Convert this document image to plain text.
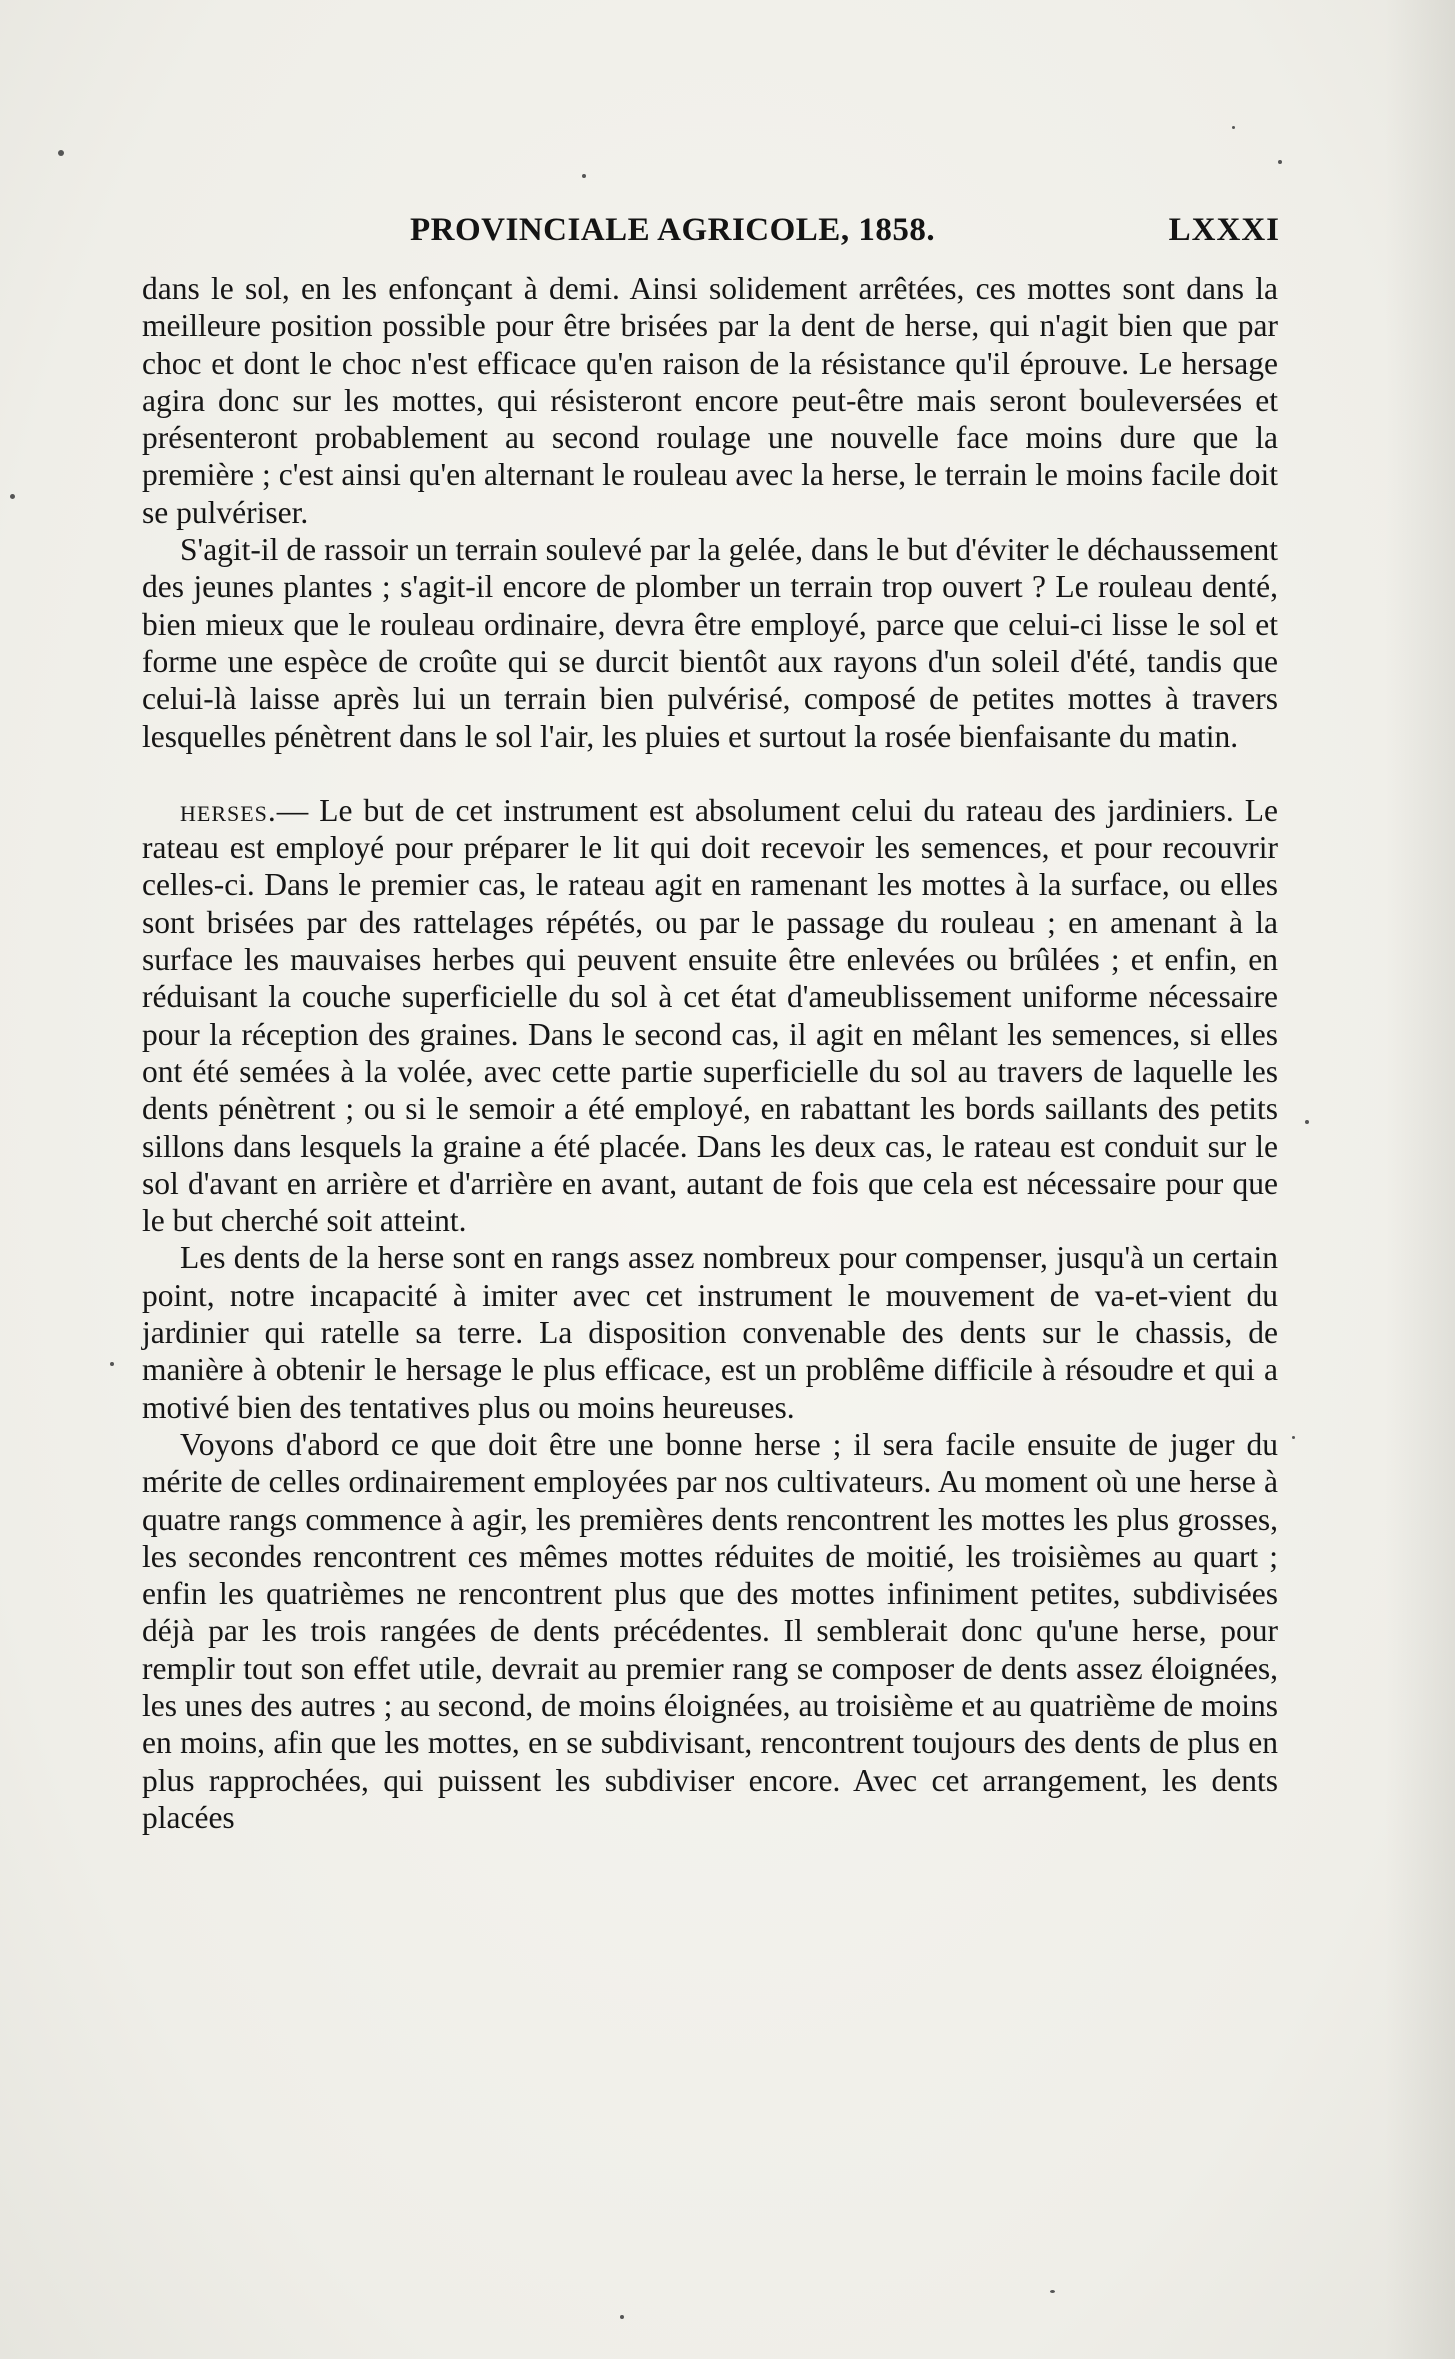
PROVINCIALE AGRICOLE, 1858.	LXXXI

dans le sol, en les enfonçant à demi. Ainsi solidement arrêtées, ces mottes sont dans la meilleure position possible pour être brisées par la dent de herse, qui n'agit bien que par choc et dont le choc n'est efficace qu'en raison de la résistance qu'il éprouve. Le hersage agira donc sur les mottes, qui résisteront encore peut-être mais seront bouleversées et présenteront probablement au second roulage une nouvelle face moins dure que la première ; c'est ainsi qu'en alternant le rouleau avec la herse, le terrain le moins facile doit se pulvériser.

S'agit-il de rassoir un terrain soulevé par la gelée, dans le but d'éviter le déchaussement des jeunes plantes ; s'agit-il encore de plomber un terrain trop ouvert ? Le rouleau denté, bien mieux que le rouleau ordinaire, devra être employé, parce que celui-ci lisse le sol et forme une espèce de croûte qui se durcit bientôt aux rayons d'un soleil d'été, tandis que celui-là laisse après lui un terrain bien pulvérisé, composé de petites mottes à travers lesquelles pénètrent dans le sol l'air, les pluies et surtout la rosée bienfaisante du matin.

herses.— Le but de cet instrument est absolument celui du rateau des jardiniers. Le rateau est employé pour préparer le lit qui doit recevoir les semences, et pour recouvrir celles-ci. Dans le premier cas, le rateau agit en ramenant les mottes à la surface, ou elles sont brisées par des rattelages répétés, ou par le passage du rouleau ; en amenant à la surface les mauvaises herbes qui peuvent ensuite être enlevées ou brûlées ; et enfin, en réduisant la couche superficielle du sol à cet état d'ameublissement uniforme nécessaire pour la réception des graines. Dans le second cas, il agit en mêlant les semences, si elles ont été semées à la volée, avec cette partie superficielle du sol au travers de laquelle les dents pénètrent ; ou si le semoir a été employé, en rabattant les bords saillants des petits sillons dans lesquels la graine a été placée. Dans les deux cas, le rateau est conduit sur le sol d'avant en arrière et d'arrière en avant, autant de fois que cela est nécessaire pour que le but cherché soit atteint.

Les dents de la herse sont en rangs assez nombreux pour compenser, jusqu'à un certain point, notre incapacité à imiter avec cet instrument le mouvement de va-et-vient du jardinier qui ratelle sa terre. La disposition convenable des dents sur le chassis, de manière à obtenir le hersage le plus efficace, est un problême difficile à résoudre et qui a motivé bien des tentatives plus ou moins heureuses.

Voyons d'abord ce que doit être une bonne herse ; il sera facile ensuite de juger du mérite de celles ordinairement employées par nos cultivateurs. Au moment où une herse à quatre rangs commence à agir, les premières dents rencontrent les mottes les plus grosses, les secondes rencontrent ces mêmes mottes réduites de moitié, les troisièmes au quart ; enfin les quatrièmes ne rencontrent plus que des mottes infiniment petites, subdivisées déjà par les trois rangées de dents précédentes. Il semblerait donc qu'une herse, pour remplir tout son effet utile, devrait au premier rang se composer de dents assez éloignées, les unes des autres ; au second, de moins éloignées, au troisième et au quatrième de moins en moins, afin que les mottes, en se subdivisant, rencontrent toujours des dents de plus en plus rapprochées, qui puissent les subdiviser encore. Avec cet arrangement, les dents placées
